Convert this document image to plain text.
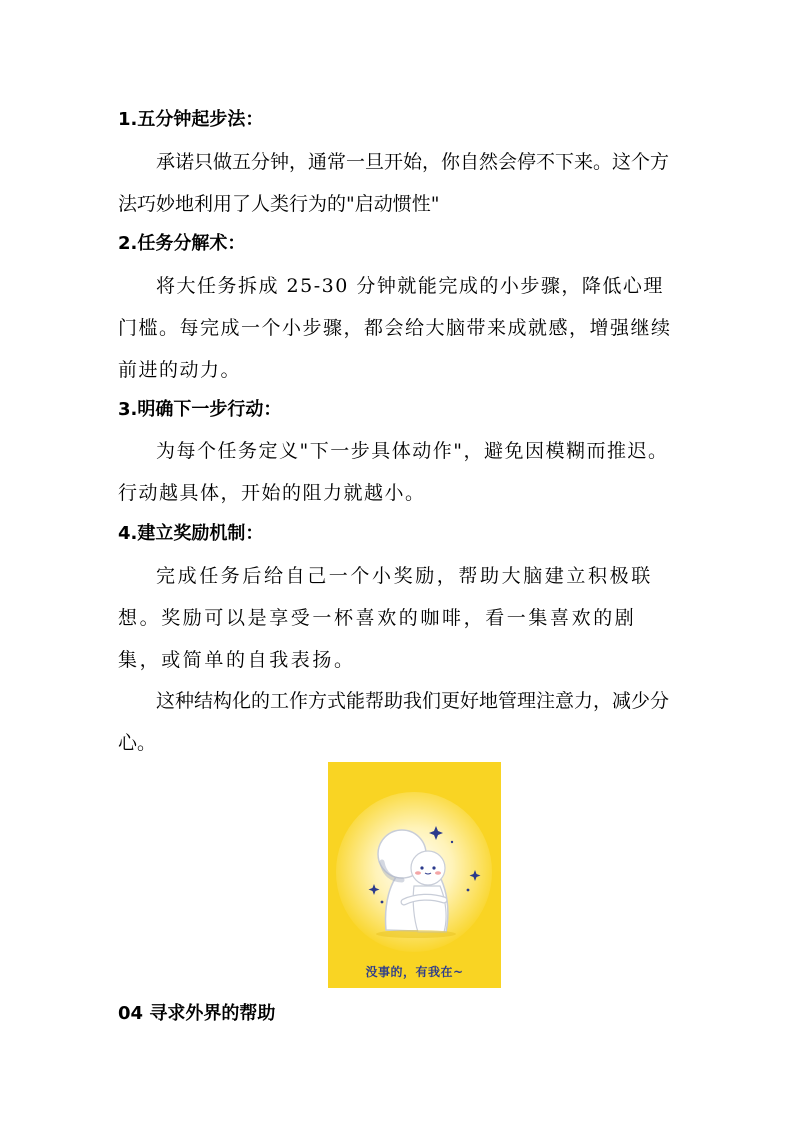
1.五分钟起步法：
承诺只做五分钟，通常一旦开始，你自然会停不下来。这个方法巧妙地利用了人类行为的"启动惯性"
2.任务分解术：
将大任务拆成 25-30 分钟就能完成的小步骤，降低心理门槛。每完成一个小步骤，都会给大脑带来成就感，增强继续前进的动力。
3.明确下一步行动：
为每个任务定义"下一步具体动作"，避免因模糊而推迟。行动越具体，开始的阻力就越小。
4.建立奖励机制：
完成任务后给自己一个小奖励，帮助大脑建立积极联想。奖励可以是享受一杯喜欢的咖啡，看一集喜欢的剧集，或简单的自我表扬。
这种结构化的工作方式能帮助我们更好地管理注意力，减少分心。
没事的，有我在~
04 寻求外界的帮助
